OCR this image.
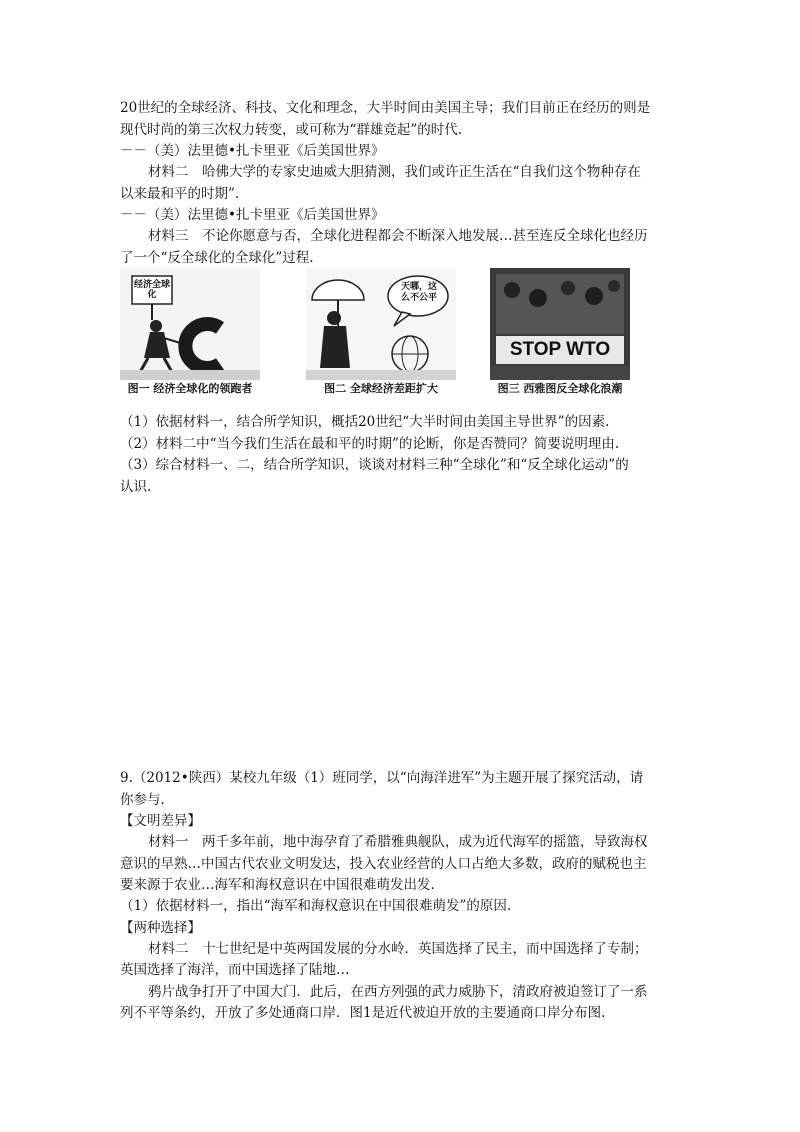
20世纪的全球经济、科技、文化和理念，大半时间由美国主导；我们目前正在经历的则是
现代时尚的第三次权力转变，或可称为“群雄竞起”的时代.
－－（美）法里德•扎卡里亚《后美国世界》
材料二　哈佛大学的专家史迪威大胆猜测，我们或许正生活在“自我们这个物种存在
以来最和平的时期”.
－－（美）法里德•扎卡里亚《后美国世界》
材料三　不论你愿意与否，全球化进程都会不断深入地发展…甚至连反全球化也经历
了一个“反全球化的全球化”过程.
经济全球化
图一 经济全球化的领跑者
天哪，这么不公平
图二 全球经济差距扩大
STOP WTO
图三 西雅图反全球化浪潮
（1）依据材料一，结合所学知识，概括20世纪“大半时间由美国主导世界”的因素.
（2）材料二中“当今我们生活在最和平的时期”的论断，你是否赞同？简要说明理由.
（3）综合材料一、二，结合所学知识，谈谈对材料三种“全球化”和“反全球化运动”的
认识.
9.（2012•陕西）某校九年级（1）班同学，以“向海洋进军”为主题开展了探究活动，请
你参与.
【文明差异】
材料一　两千多年前，地中海孕育了希腊雅典舰队，成为近代海军的摇篮，导致海权
意识的早熟…中国古代农业文明发达，投入农业经营的人口占绝大多数，政府的赋税也主
要来源于农业…海军和海权意识在中国很难萌发出发.
（1）依据材料一，指出“海军和海权意识在中国很难萌发”的原因.
【两种选择】
材料二　十七世纪是中英两国发展的分水岭．英国选择了民主，而中国选择了专制；
英国选择了海洋，而中国选择了陆地…
鸦片战争打开了中国大门．此后，在西方列强的武力威胁下，清政府被迫签订了一系
列不平等条约，开放了多处通商口岸．图1是近代被迫开放的主要通商口岸分布图.
